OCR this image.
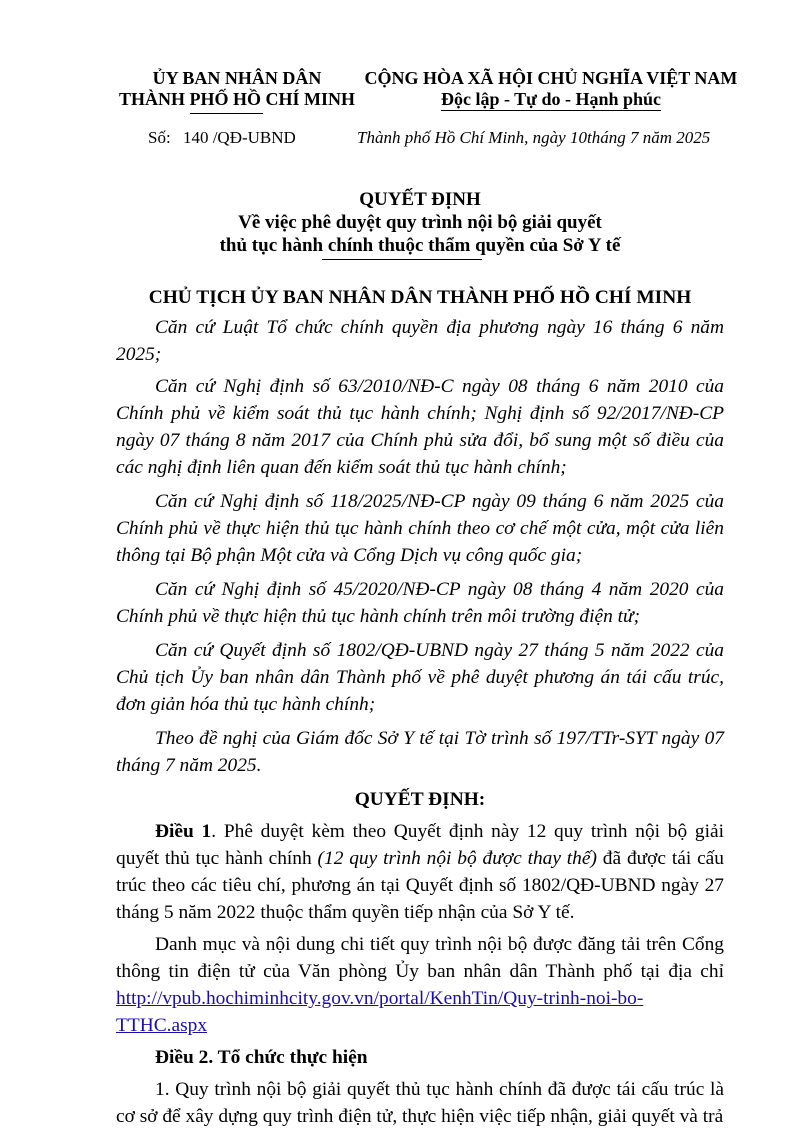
ỦY BAN NHÂN DÂN
THÀNH PHỐ HỒ CHÍ MINH
Số: 140 /QĐ-UBND
CỘNG HÒA XÃ HỘI CHỦ NGHĨA VIỆT NAM
Độc lập - Tự do - Hạnh phúc
Thành phố Hồ Chí Minh, ngày 10tháng 7 năm 2025
QUYẾT ĐỊNH
Về việc phê duyệt quy trình nội bộ giải quyết
thủ tục hành chính thuộc thẩm quyền của Sở Y tế
CHỦ TỊCH ỦY BAN NHÂN DÂN THÀNH PHỐ HỒ CHÍ MINH

Căn cứ Luật Tổ chức chính quyền địa phương ngày 16 tháng 6 năm 2025;

Căn cứ Nghị định số 63/2010/NĐ-C ngày 08 tháng 6 năm 2010 của Chính phủ về kiểm soát thủ tục hành chính; Nghị định số 92/2017/NĐ-CP ngày 07 tháng 8 năm 2017 của Chính phủ sửa đổi, bổ sung một số điều của các nghị định liên quan đến kiểm soát thủ tục hành chính;

Căn cứ Nghị định số 118/2025/NĐ-CP ngày 09 tháng 6 năm 2025 của Chính phủ về thực hiện thủ tục hành chính theo cơ chế một cửa, một cửa liên thông tại Bộ phận Một cửa và Cổng Dịch vụ công quốc gia;

Căn cứ Nghị định số 45/2020/NĐ-CP ngày 08 tháng 4 năm 2020 của Chính phủ về thực hiện thủ tục hành chính trên môi trường điện tử;

Căn cứ Quyết định số 1802/QĐ-UBND ngày 27 tháng 5 năm 2022 của Chủ tịch Ủy ban nhân dân Thành phố về phê duyệt phương án tái cấu trúc, đơn giản hóa thủ tục hành chính;

Theo đề nghị của Giám đốc Sở Y tế tại Tờ trình số 197/TTr-SYT ngày 07 tháng 7 năm 2025.

QUYẾT ĐỊNH:

Điều 1. Phê duyệt kèm theo Quyết định này 12 quy trình nội bộ giải quyết thủ tục hành chính (12 quy trình nội bộ được thay thế) đã được tái cấu trúc theo các tiêu chí, phương án tại Quyết định số 1802/QĐ-UBND ngày 27 tháng 5 năm 2022 thuộc thẩm quyền tiếp nhận của Sở Y tế.

Danh mục và nội dung chi tiết quy trình nội bộ được đăng tải trên Cổng thông tin điện tử của Văn phòng Ủy ban nhân dân Thành phố tại địa chỉ http://vpub.hochiminhcity.gov.vn/portal/KenhTin/Quy-trinh-noi-bo-TTHC.aspx

Điều 2. Tổ chức thực hiện

1. Quy trình nội bộ giải quyết thủ tục hành chính đã được tái cấu trúc là cơ sở để xây dựng quy trình điện tử, thực hiện việc tiếp nhận, giải quyết và trả
